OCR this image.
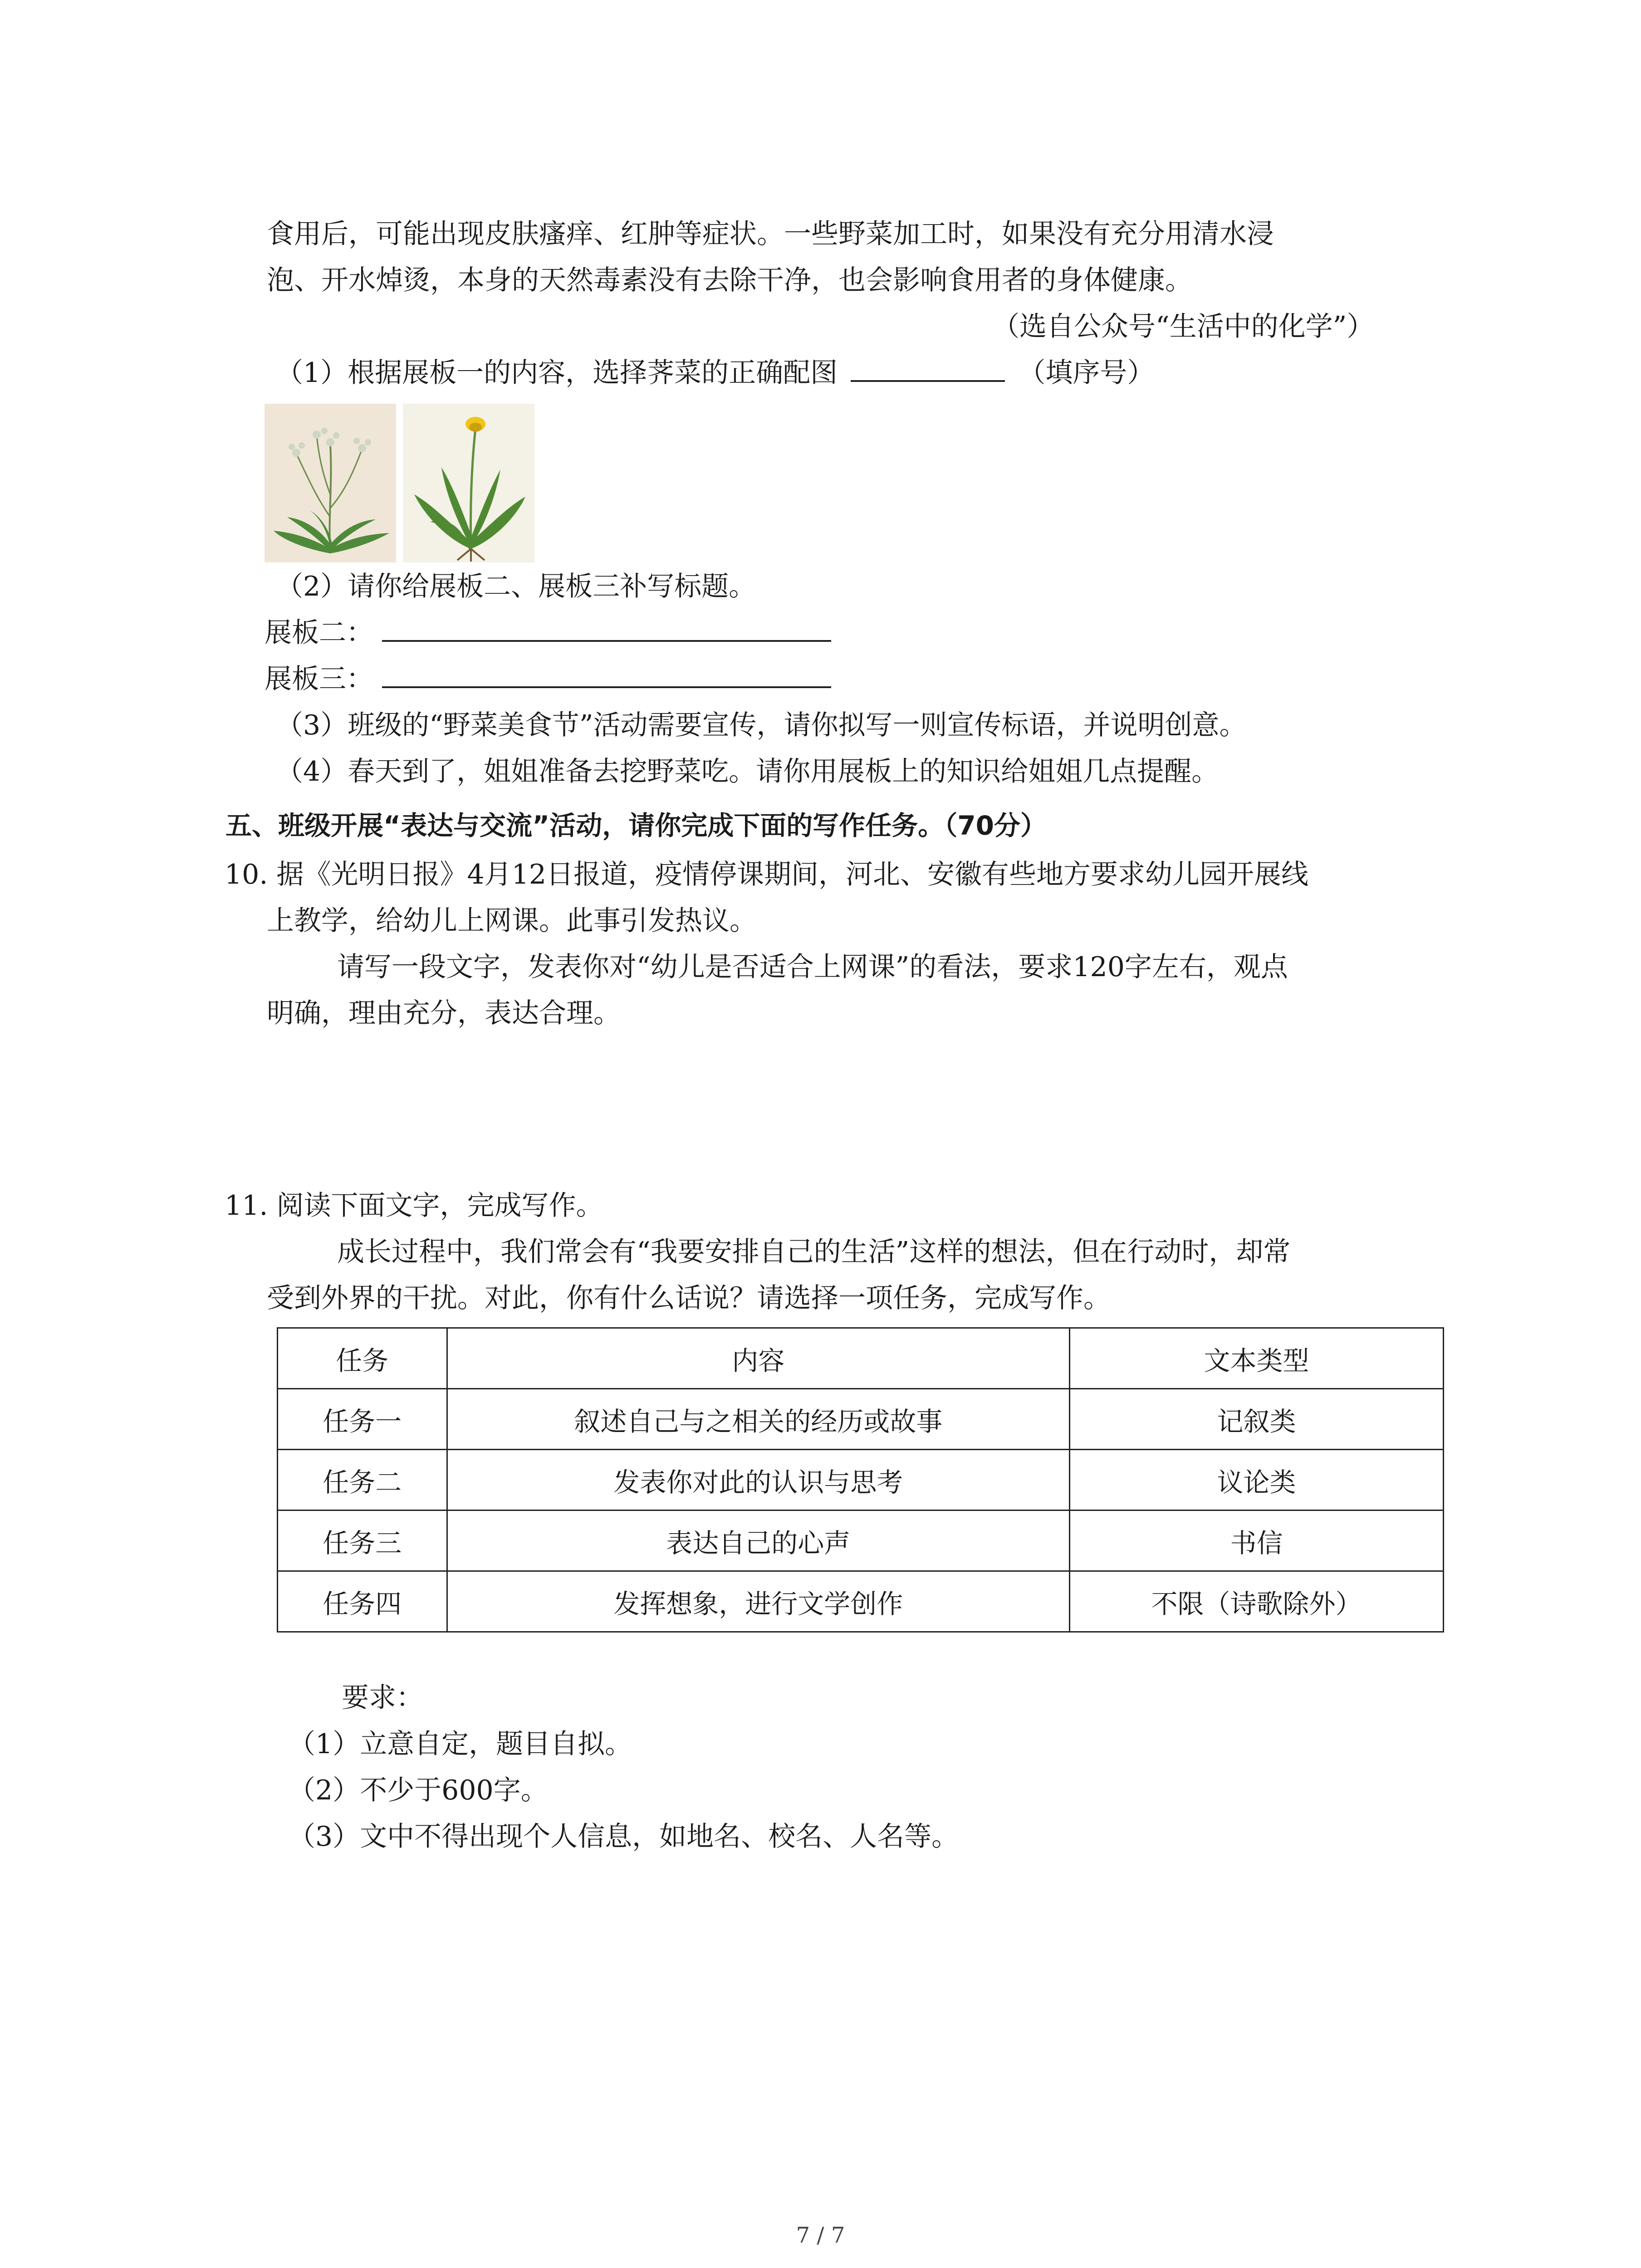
食用后，可能出现皮肤瘙痒、红肿等症状。一些野菜加工时，如果没有充分用清水浸
泡、开水焯烫，本身的天然毒素没有去除干净，也会影响食用者的身体健康。
（选自公众号“生活中的化学”）
（1）根据展板一的内容，选择荠菜的正确配图	（填序号）
（2）请你给展板二、展板三补写标题。
展板二：
展板三：
（3）班级的“野菜美食节”活动需要宣传，请你拟写一则宣传标语，并说明创意。
（4）春天到了，姐姐准备去挖野菜吃。请你用展板上的知识给姐姐几点提醒。
五、班级开展“表达与交流”活动，请你完成下面的写作任务。（70分）
10. 据《光明日报》4月12日报道，疫情停课期间，河北、安徽有些地方要求幼儿园开展线
上教学，给幼儿上网课。此事引发热议。
请写一段文字，发表你对“幼儿是否适合上网课”的看法，要求120字左右，观点
明确，理由充分，表达合理。
11. 阅读下面文字，完成写作。
成长过程中，我们常会有“我要安排自己的生活”这样的想法，但在行动时，却常
受到外界的干扰。对此，你有什么话说？请选择一项任务，完成写作。
任务	内容	文本类型
任务一	叙述自己与之相关的经历或故事	记叙类
任务二	发表你对此的认识与思考	议论类
任务三	表达自己的心声	书信
任务四	发挥想象，进行文学创作	不限（诗歌除外）
要求：
（1）立意自定，题目自拟。
（2）不少于600字。
（3）文中不得出现个人信息，如地名、校名、人名等。
7 / 7
